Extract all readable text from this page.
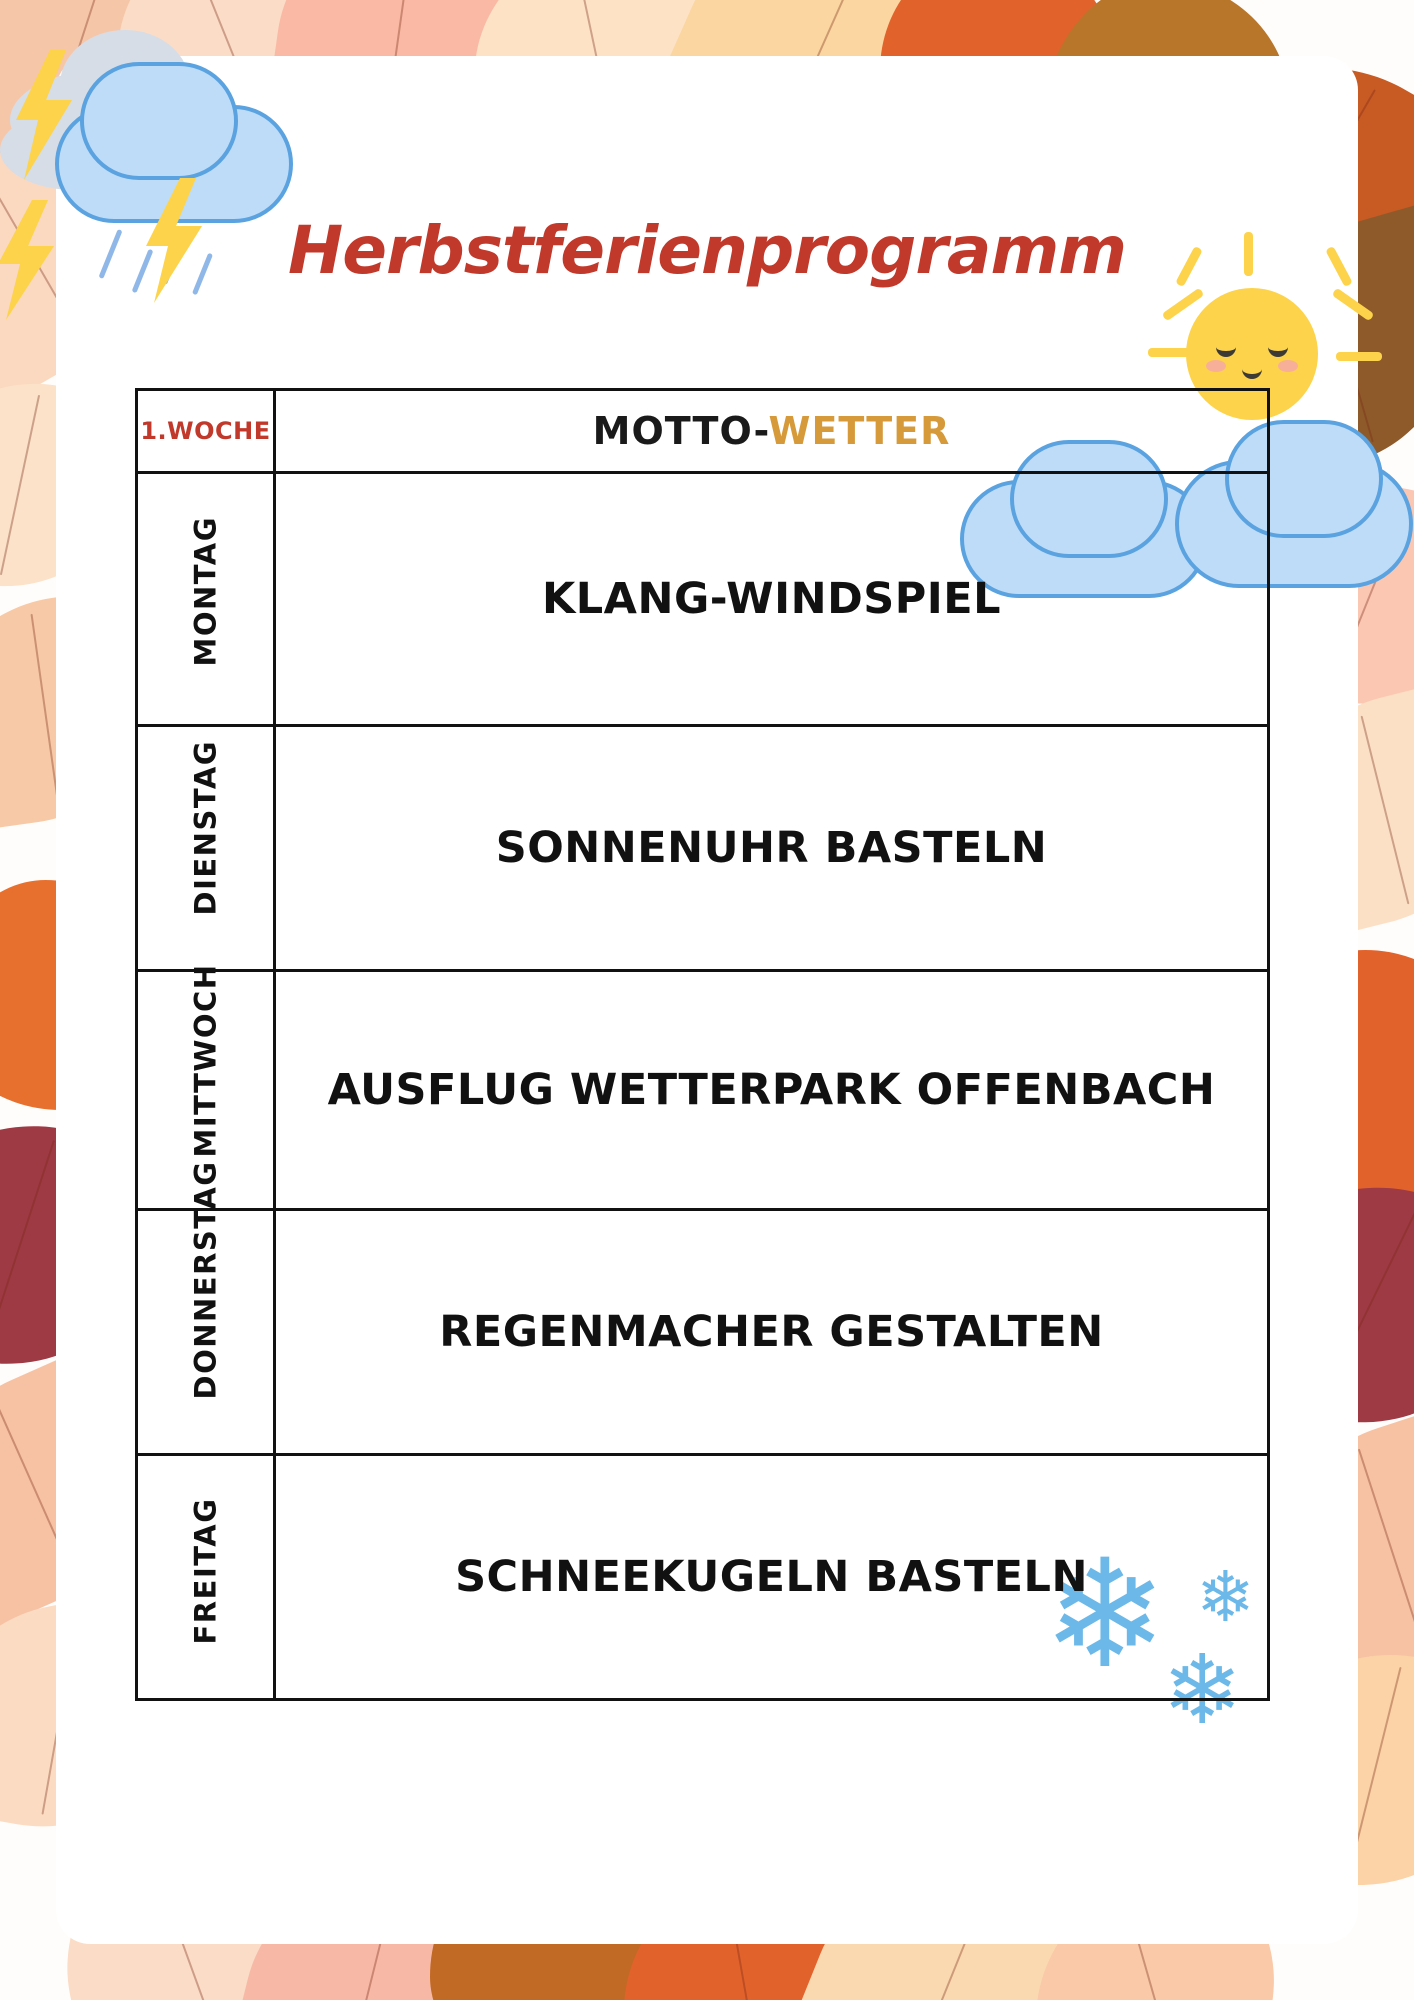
❄ ❄
❄
Herbstferienprogramm
1.WOCHE	MOTTO-WETTER

MONTAG	KLANG-WINDSPIEL

DIENSTAG	SONNENUHR BASTELN

MITTWOCH	AUSFLUG WETTERPARK OFFENBACH

DONNERSTAG	REGENMACHER GESTALTEN

FREITAG	SCHNEEKUGELN BASTELN
